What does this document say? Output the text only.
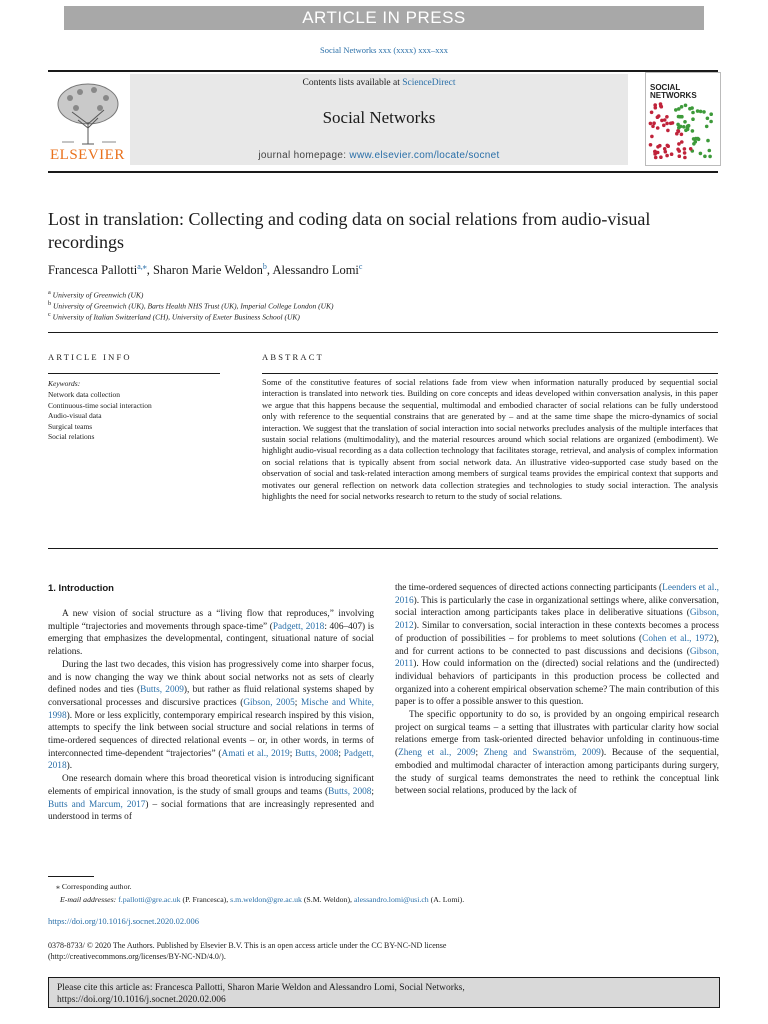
ARTICLE IN PRESS
Social Networks xxx (xxxx) xxx–xxx
ELSEVIER
Contents lists available at ScienceDirect
Social Networks
journal homepage: www.elsevier.com/locate/socnet
SOCIAL
NETWORKS
Lost in translation: Collecting and coding data on social relations from audio-visual recordings
Francesca Pallotti$^{a,⁎}$, Sharon Marie Weldon$^b$, Alessandro Lomi$^c$
$^a$ University of Greenwich (UK)
$^b$ University of Greenwich (UK), Barts Health NHS Trust (UK), Imperial College London (UK)
$^c$ University of Italian Switzerland (CH), University of Exeter Business School (UK)
ARTICLE INFO
Keywords:
Network data collection
Continuous-time social interaction
Audio-visual data
Surgical teams
Social relations
ABSTRACT
Some of the constitutive features of social relations fade from view when information naturally produced by sequential social interaction is translated into network ties. Building on core concepts and ideas developed within conversation analysis, in this paper we argue that this happens because the sequential, multimodal and embodied character of social relations can be fully understood only with reference to the sequential constrains that are generated by – and at the same time shape the micro-dynamics of social interaction. We suggest that the translation of social interaction into social networks precludes analysis of the multiple interfaces that sustain social relations (multimodality), and the material resources around which social relations are organized (embodiment). We highlight audio-visual recording as a data collection technology that facilitates storage, retrieval, and analysis of complex information on social relations that is typically absent from social network data. An illustrative video-supported case study based on the observation of social and task-related interaction among members of surgical teams provides the empirical context that supports and motivates our general reflection on network data collection strategies and technologies to study social interaction. The analysis highlights the need for social networks research to return to the study of social relations.
1. Introduction

A new vision of social structure as a “living flow that reproduces,” involving multiple “trajectories and movements through space-time” (Padgett, 2018: 406–407) is emerging that emphasizes the developmental, contingent, situational nature of social relations.

During the last two decades, this vision has progressively come into sharper focus, and is now changing the way we think about social networks not as sets of clearly defined nodes and ties (Butts, 2009), but rather as fluid relational systems shaped by conversational processes and discursive practices (Gibson, 2005; Mische and White, 1998). More or less explicitly, contemporary empirical research inspired by this vision, attempts to specify the link between social structure and social relations in terms of time-ordered sequences of directed relational events – or, in other words, in terms of interconnected time-dependent “trajectories” (Amati et al., 2019; Butts, 2008; Padgett, 2018).

One research domain where this broad theoretical vision is introducing significant elements of empirical innovation, is the study of small groups and teams (Butts, 2008; Butts and Marcum, 2017) – social formations that are increasingly represented and understood in terms of

the time-ordered sequences of directed actions connecting participants (Leenders et al., 2016). This is particularly the case in organizational settings where, alike conversation, social interaction among participants takes place in deliberative situations (Gibson, 2012). Similar to conversation, social interaction in these contexts becomes a process of production of possibilities – for problems to meet solutions (Cohen et al., 1972), and for current actions to be connected to past discussions and decisions (Gibson, 2011). How could information on the (directed) social relations and the (undirected) individual behaviors of participants in this production process be collected and organized into a coherent empirical observation scheme? The main contribution of this paper is to offer a possible answer to this question.

The specific opportunity to do so, is provided by an ongoing empirical research project on surgical teams – a setting that illustrates with particular clarity how social relations emerge from task-oriented directed behavior unfolding in continuous-time (Zheng et al., 2009; Zheng and Swanström, 2009). Because of the sequential, embodied and multimodal character of interaction among participants during surgery, the study of surgical teams demonstrates the need to rethink the conceptual link between social relations, produced by the lack of

⁎ Corresponding author.
E-mail addresses: f.pallotti@gre.ac.uk (P. Francesca), s.m.weldon@gre.ac.uk (S.M. Weldon), alessandro.lomi@usi.ch (A. Lomi).
https://doi.org/10.1016/j.socnet.2020.02.006
0378-8733/ © 2020 The Authors. Published by Elsevier B.V. This is an open access article under the CC BY-NC-ND license
(http://creativecommons.org/licenses/BY-NC-ND/4.0/).
Please cite this article as: Francesca Pallotti, Sharon Marie Weldon and Alessandro Lomi, Social Networks,
https://doi.org/10.1016/j.socnet.2020.02.006
